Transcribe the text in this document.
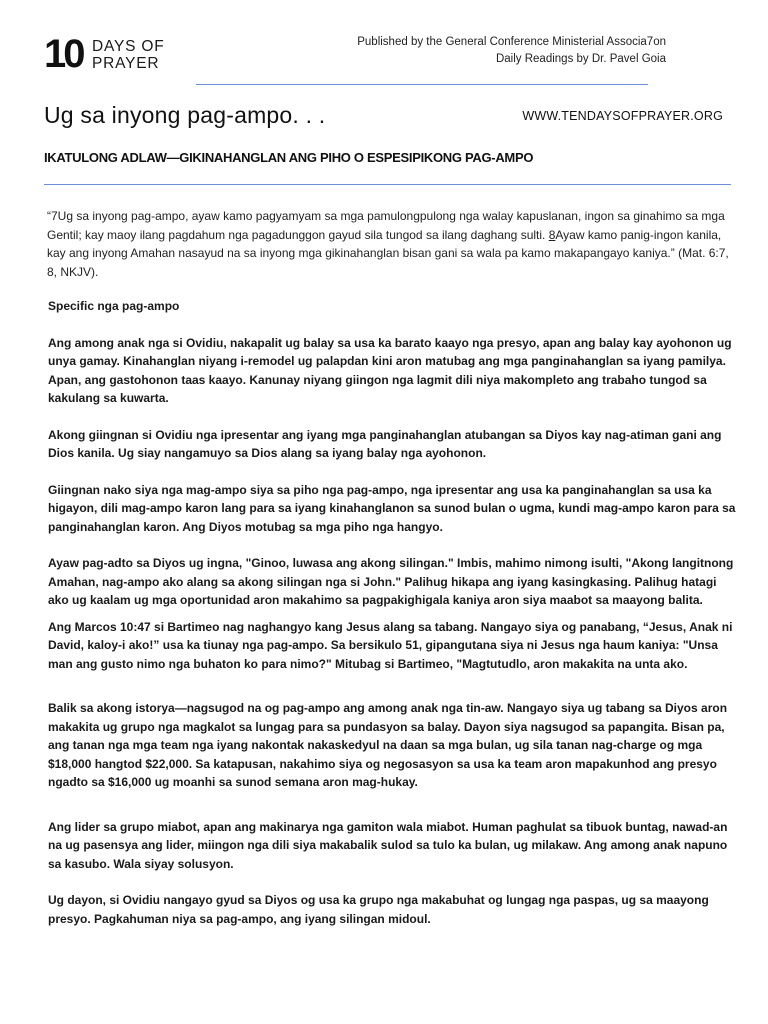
10 DAYS OF
PRAYER
Published by the General Conference Ministerial Associa7on
Daily Readings by Dr. Pavel Goia
Ug sa inyong pag-ampo. . .	WWW.TENDAYSOFPRAYER.ORG
IKATULONG ADLAW—GIKINAHANGLAN ANG PIHO O ESPESIPIKONG PAG-AMPO
“7Ug sa inyong pag-ampo, ayaw kamo pagyamyam sa mga pamulongpulong nga walay kapuslanan, ingon sa ginahimo sa mga Gentil; kay maoy ilang pagdahum nga pagadunggon gayud sila tungod sa ilang daghang sulti. 8Ayaw kamo panig-ingon kanila, kay ang inyong Amahan nasayud na sa inyong mga gikinahanglan bisan gani sa wala pa kamo makapangayo kaniya.” (Mat. 6:7, 8, NKJV).

Specific nga pag-ampo

Ang among anak nga si Ovidiu, nakapalit ug balay sa usa ka barato kaayo nga presyo, apan ang balay kay ayohonon ug unya gamay. Kinahanglan niyang i-remodel ug palapdan kini aron matubag ang mga panginahanglan sa iyang pamilya. Apan, ang gastohonon taas kaayo. Kanunay niyang giingon nga lagmit dili niya makompleto ang trabaho tungod sa kakulang sa kuwarta.

Akong giingnan si Ovidiu nga ipresentar ang iyang mga panginahanglan atubangan sa Diyos kay nag-atiman gani ang Dios kanila. Ug siay nangamuyo sa Dios alang sa iyang balay nga ayohonon.

Giingnan nako siya nga mag-ampo siya sa piho nga pag-ampo, nga ipresentar ang usa ka panginahanglan sa usa ka higayon, dili mag-ampo karon lang para sa iyang kinahanglanon sa sunod bulan o ugma, kundi mag-ampo karon para sa panginahanglan karon. Ang Diyos motubag sa mga piho nga hangyo.

Ayaw pag-adto sa Diyos ug ingna, "Ginoo, luwasa ang akong silingan." Imbis, mahimo nimong isulti, "Akong langitnong Amahan, nag-ampo ako alang sa akong silingan nga si John." Palihug hikapa ang iyang kasingkasing. Palihug hatagi ako ug kaalam ug mga oportunidad aron makahimo sa pagpakighigala kaniya aron siya maabot sa maayong balita.

Ang Marcos 10:47 si Bartimeo nag naghangyo kang Jesus alang sa tabang. Nangayo siya og panabang, “Jesus, Anak ni David, kaloy-i ako!” usa ka tiunay nga pag-ampo. Sa bersikulo 51, gipangutana siya ni Jesus nga haum kaniya: "Unsa man ang gusto nimo nga buhaton ko para nimo?" Mitubag si Bartimeo, "Magtutudlo, aron makakita na unta ako.

Balik sa akong istorya—nagsugod na og pag-ampo ang among anak nga tin-aw. Nangayo siya ug tabang sa Diyos aron makakita ug grupo nga magkalot sa lungag para sa pundasyon sa balay. Dayon siya nagsugod sa papangita. Bisan pa, ang tanan nga mga team nga iyang nakontak nakaskedyul na daan sa mga bulan, ug sila tanan nag-charge og mga $18,000 hangtod $22,000. Sa katapusan, nakahimo siya og negosasyon sa usa ka team aron mapakunhod ang presyo ngadto sa $16,000 ug moanhi sa sunod semana aron mag-hukay.

Ang lider sa grupo miabot, apan ang makinarya nga gamiton wala miabot. Human paghulat sa tibuok buntag, nawad-an na ug pasensya ang lider, miingon nga dili siya makabalik sulod sa tulo ka bulan, ug milakaw. Ang among anak napuno sa kasubo. Wala siyay solusyon.

Ug dayon, si Ovidiu nangayo gyud sa Diyos og usa ka grupo nga makabuhat og lungag nga paspas, ug sa maayong presyo. Pagkahuman niya sa pag-ampo, ang iyang silingan midoul.
